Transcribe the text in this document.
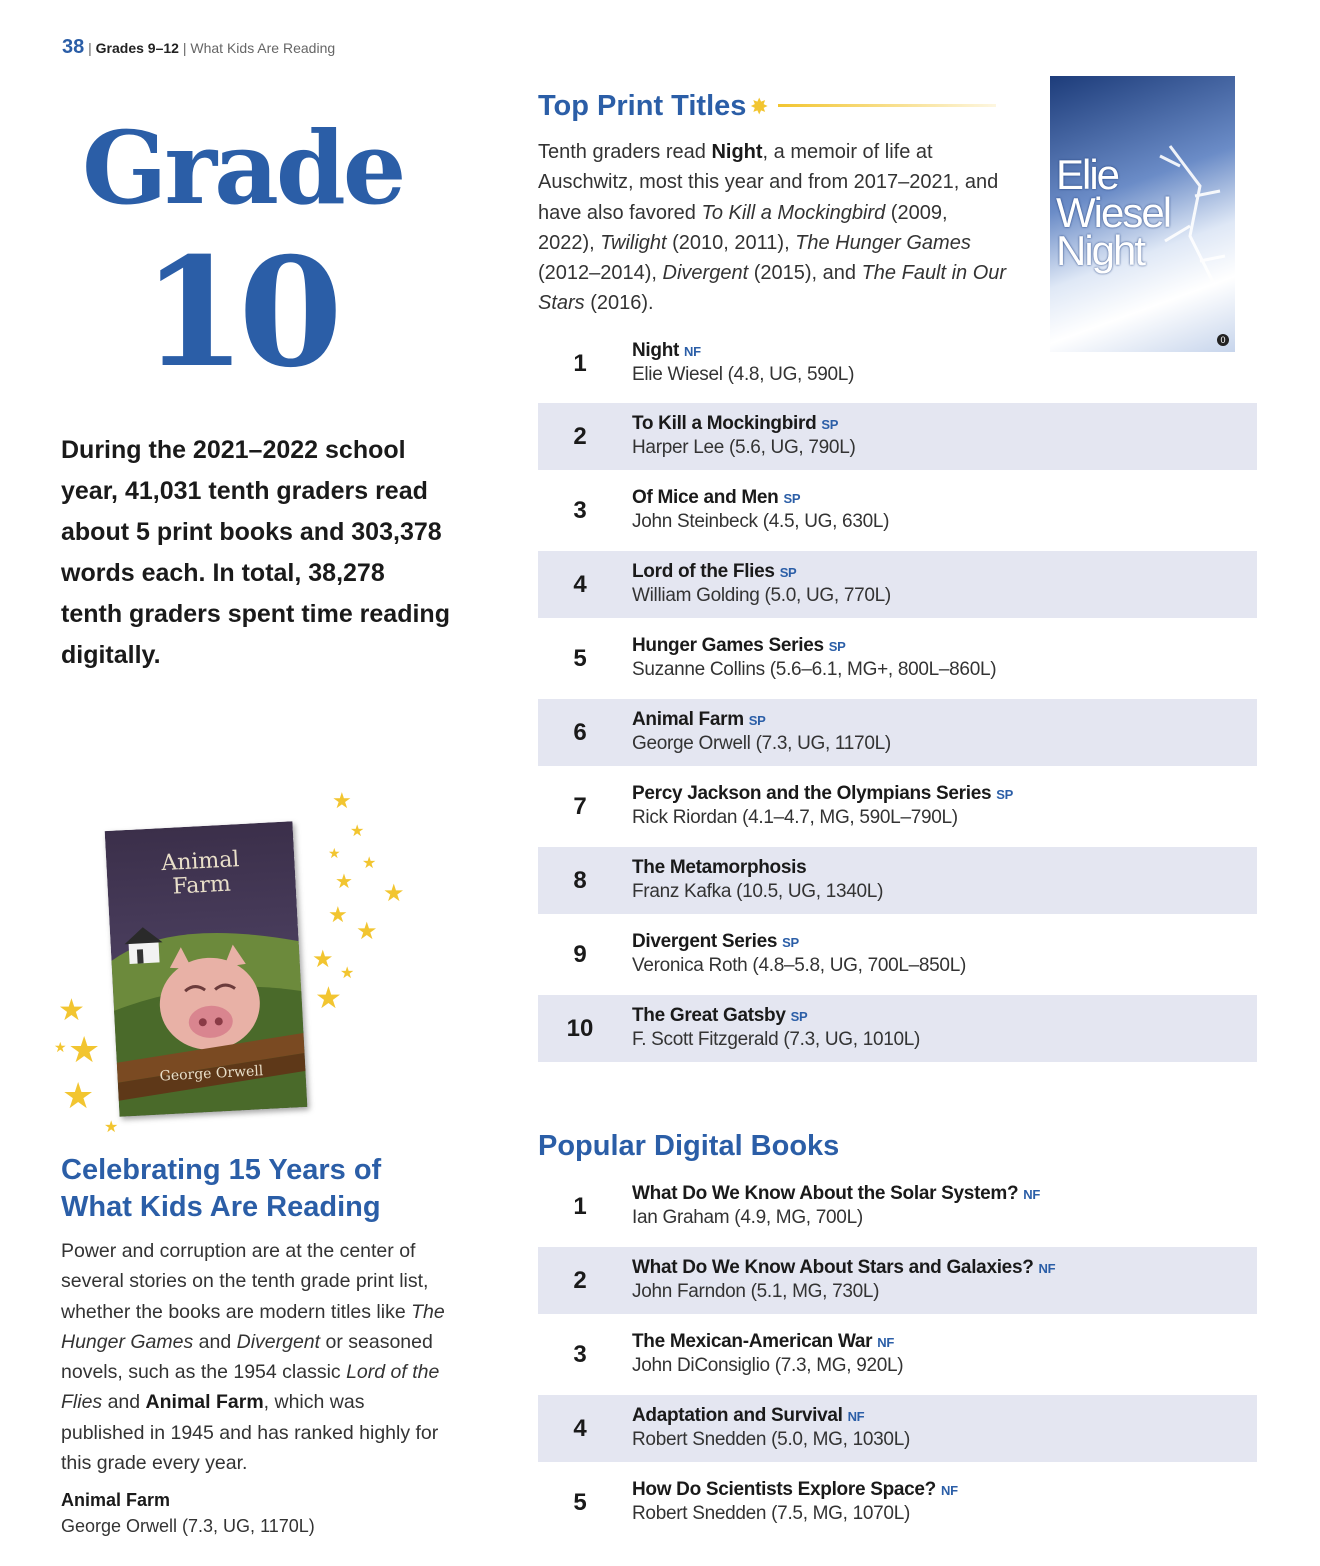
38 | Grades 9–12 | What Kids Are Reading
Grade
10
During the 2021–2022 school year, 41,031 tenth graders read about 5 print books and 303,378 words each. In total, 38,278 tenth graders spent time reading digitally.
★
★
★
★
★ ★
★
★
★
★
★
★
★
★
★
★
Animal
Farm
George Orwell
Celebrating 15 Years of
What Kids Are Reading
Power and corruption are at the center of several stories on the tenth grade print list, whether the books are modern titles like The Hunger Games and Divergent or seasoned novels, such as the 1954 classic Lord of the Flies and Animal Farm, which was published in 1945 and has ranked highly for this grade every year.
Animal Farm
George Orwell (7.3, UG, 1170L)
Top Print Titles ✸
Tenth graders read Night, a memoir of life at Auschwitz, most this year and from 2017–2021, and have also favored To Kill a Mockingbird (2009, 2022), Twilight (2010, 2011), The Hunger Games (2012–2014), Divergent (2015), and The Fault in Our Stars (2016).
Elie
Wiesel
Night
0
1	Night NF
Elie Wiesel (4.8, UG, 590L)
2	To Kill a Mockingbird SP
Harper Lee (5.6, UG, 790L)
3	Of Mice and Men SP
John Steinbeck (4.5, UG, 630L)
4	Lord of the Flies SP
William Golding (5.0, UG, 770L)
5	Hunger Games Series SP
Suzanne Collins (5.6–6.1, MG+, 800L–860L)
6	Animal Farm SP
George Orwell (7.3, UG, 1170L)
7	Percy Jackson and the Olympians Series SP
Rick Riordan (4.1–4.7, MG, 590L–790L)
8	The Metamorphosis
Franz Kafka (10.5, UG, 1340L)
9	Divergent Series SP
Veronica Roth (4.8–5.8, UG, 700L–850L)
10	The Great Gatsby SP
F. Scott Fitzgerald (7.3, UG, 1010L)
Popular Digital Books
1	What Do We Know About the Solar System? NF
Ian Graham (4.9, MG, 700L)
2	What Do We Know About Stars and Galaxies? NF
John Farndon (5.1, MG, 730L)
3	The Mexican-American War NF
John DiConsiglio (7.3, MG, 920L)
4	Adaptation and Survival NF
Robert Snedden (5.0, MG, 1030L)
5	How Do Scientists Explore Space? NF
Robert Snedden (7.5, MG, 1070L)
